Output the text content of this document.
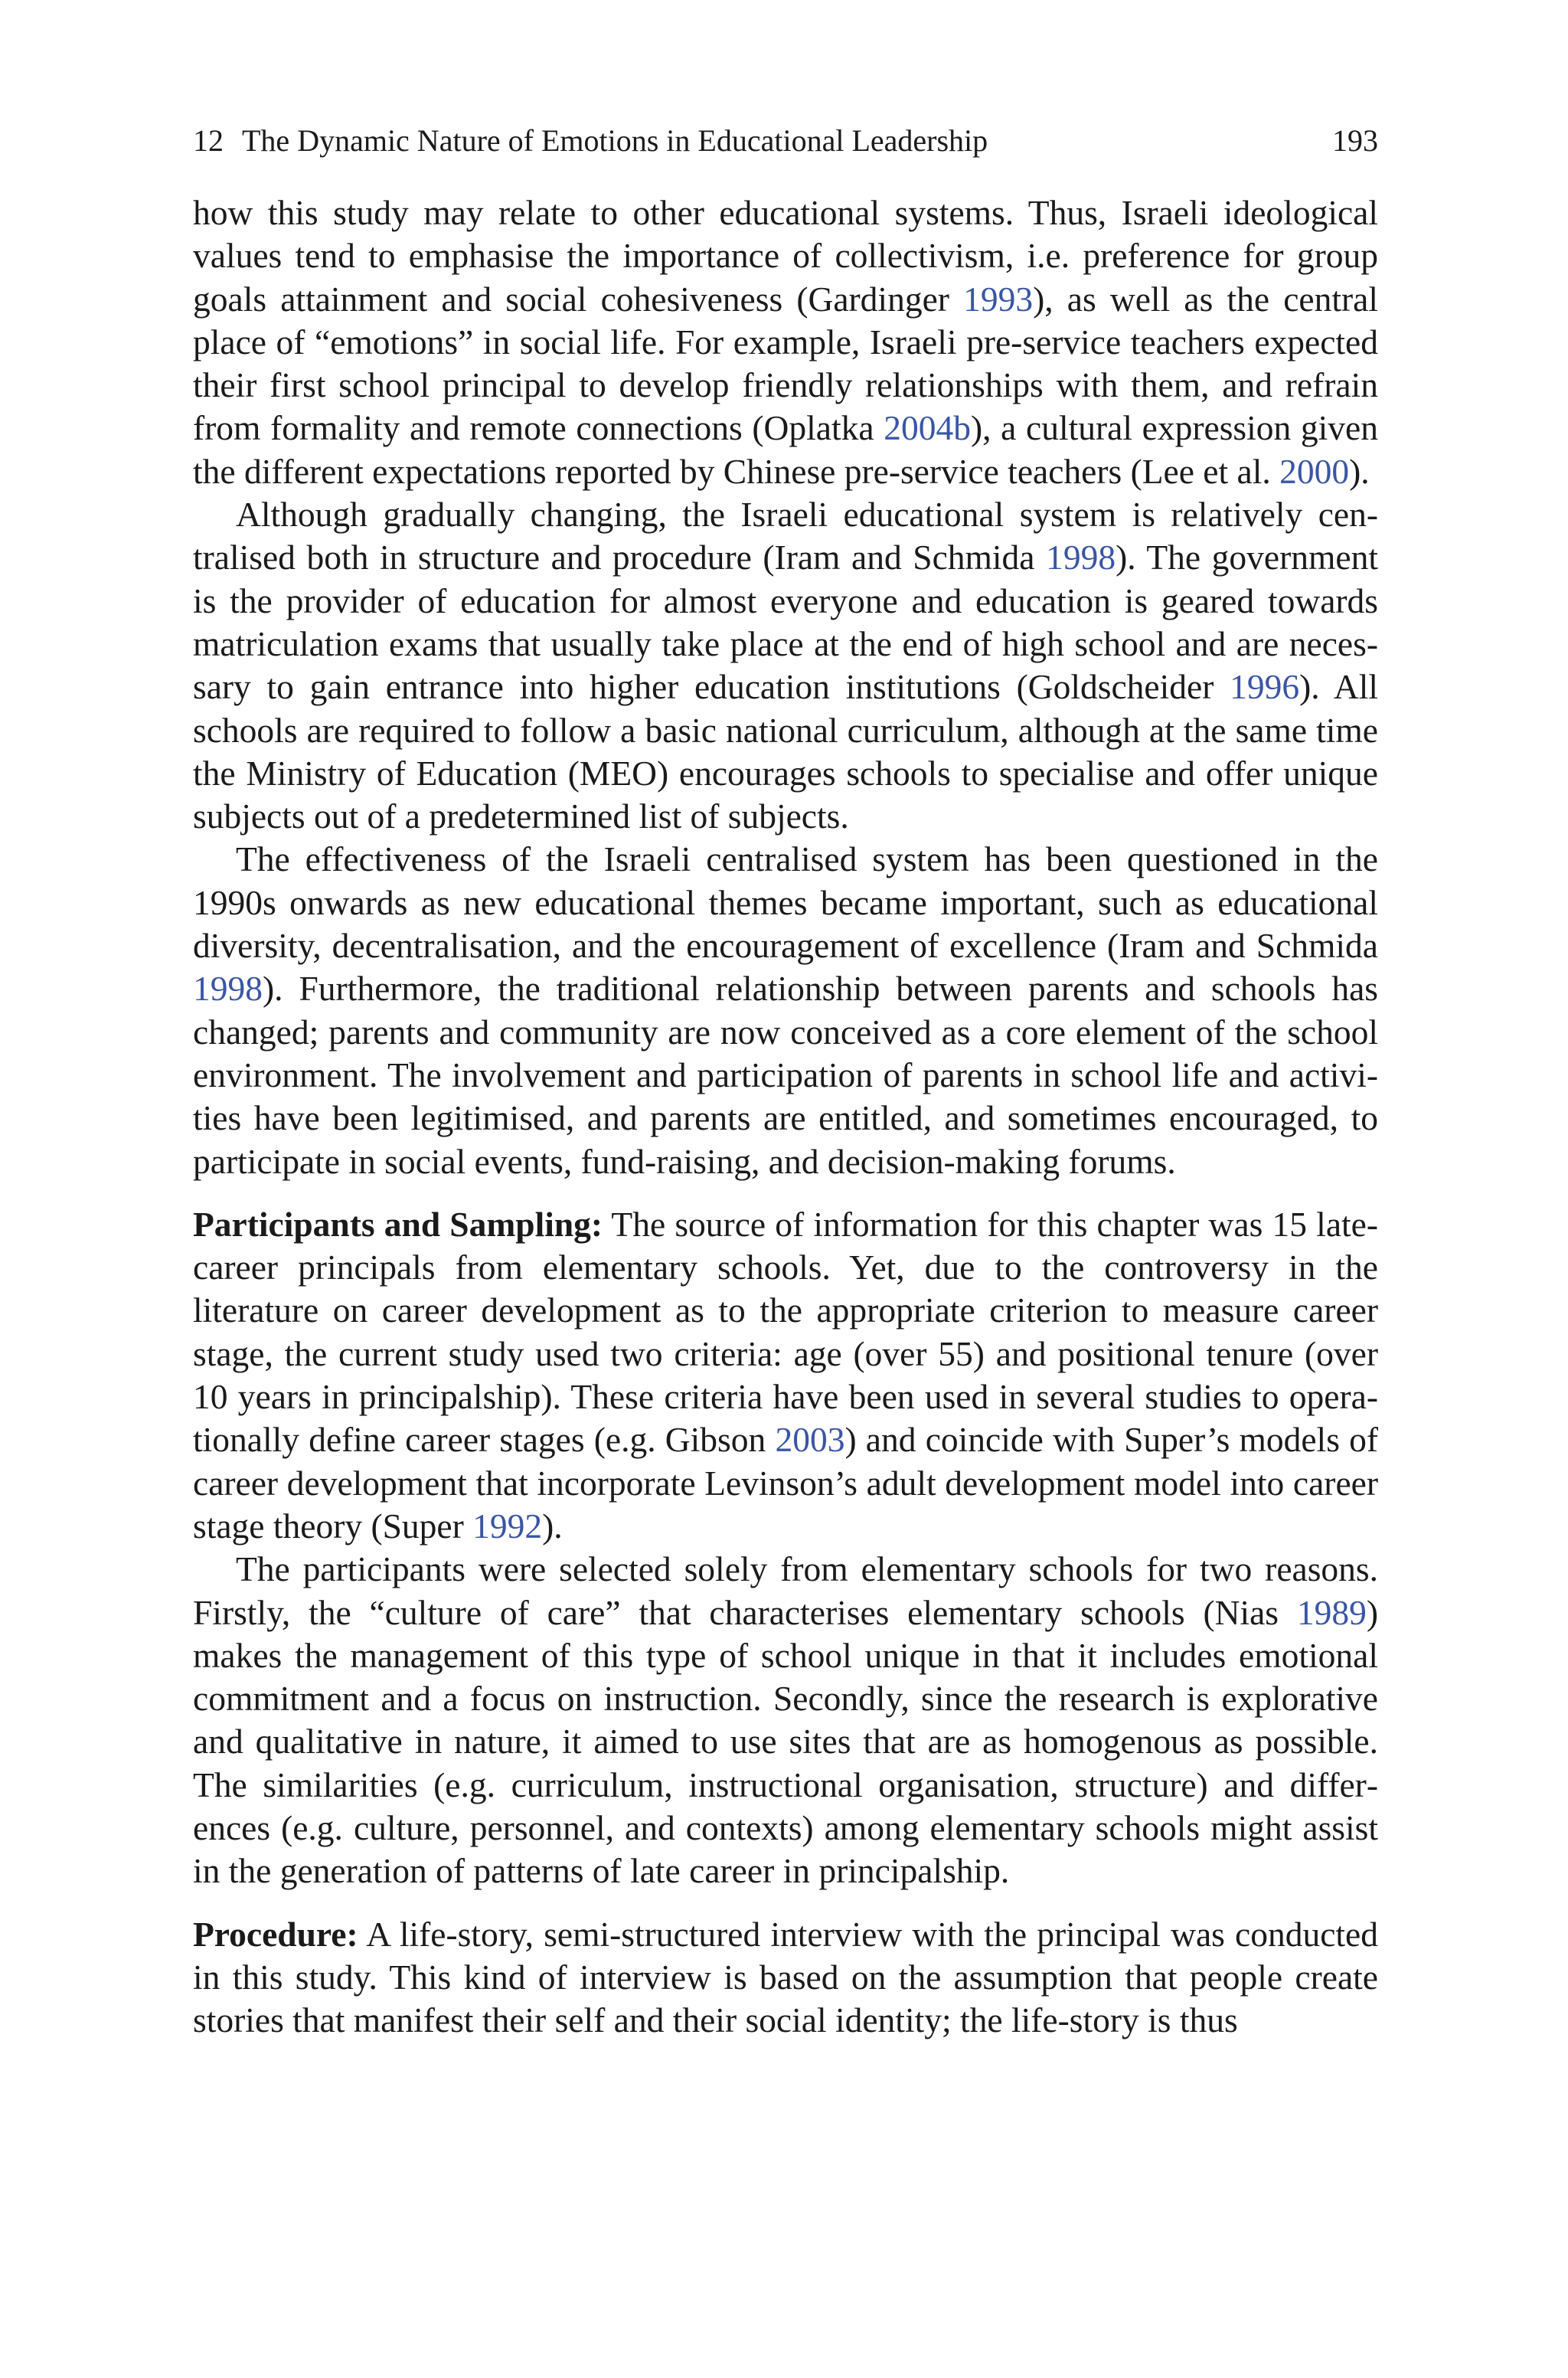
12 The Dynamic Nature of Emotions in Educational Leadership	193

how this study may relate to other educational systems. Thus, Israeli ideological values tend to emphasise the importance of collectivism, i.e. preference for group goals attainment and social cohesiveness (Gardinger 1993), as well as the central place of “emotions” in social life. For example, Israeli pre-service teachers expected their first school principal to develop friendly relationships with them, and refrain from formality and remote connections (Oplatka 2004b), a cultural expression given the different expectations reported by Chinese pre-service teachers (Lee et al. 2000).

Although gradually changing, the Israeli educational system is relatively centralised both in structure and procedure (Iram and Schmida 1998). The government is the provider of education for almost everyone and education is geared towards matriculation exams that usually take place at the end of high school and are necessary to gain entrance into higher education institutions (Goldscheider 1996). All schools are required to follow a basic national curriculum, although at the same time the Ministry of Education (MEO) encourages schools to specialise and offer unique subjects out of a predetermined list of subjects.

The effectiveness of the Israeli centralised system has been questioned in the 1990s onwards as new educational themes became important, such as educational diversity, decentralisation, and the encouragement of excellence (Iram and Schmida 1998). Furthermore, the traditional relationship between parents and schools has changed; parents and community are now conceived as a core element of the school environment. The involvement and participation of parents in school life and activities have been legitimised, and parents are entitled, and sometimes encouraged, to participate in social events, fund-raising, and decision-making forums.

Participants and Sampling: The source of information for this chapter was 15 late-career principals from elementary schools. Yet, due to the controversy in the literature on career development as to the appropriate criterion to measure career stage, the current study used two criteria: age (over 55) and positional tenure (over 10 years in principalship). These criteria have been used in several studies to operationally define career stages (e.g. Gibson 2003) and coincide with Super’s models of career development that incorporate Levinson’s adult development model into career stage theory (Super 1992).

The participants were selected solely from elementary schools for two reasons. Firstly, the “culture of care” that characterises elementary schools (Nias 1989) makes the management of this type of school unique in that it includes emotional commitment and a focus on instruction. Secondly, since the research is explorative and qualitative in nature, it aimed to use sites that are as homogenous as possible. The similarities (e.g. curriculum, instructional organisation, structure) and differences (e.g. culture, personnel, and contexts) among elementary schools might assist in the generation of patterns of late career in principalship.

Procedure: A life-story, semi-structured interview with the principal was conducted in this study. This kind of interview is based on the assumption that people create stories that manifest their self and their social identity; the life-story is thus
